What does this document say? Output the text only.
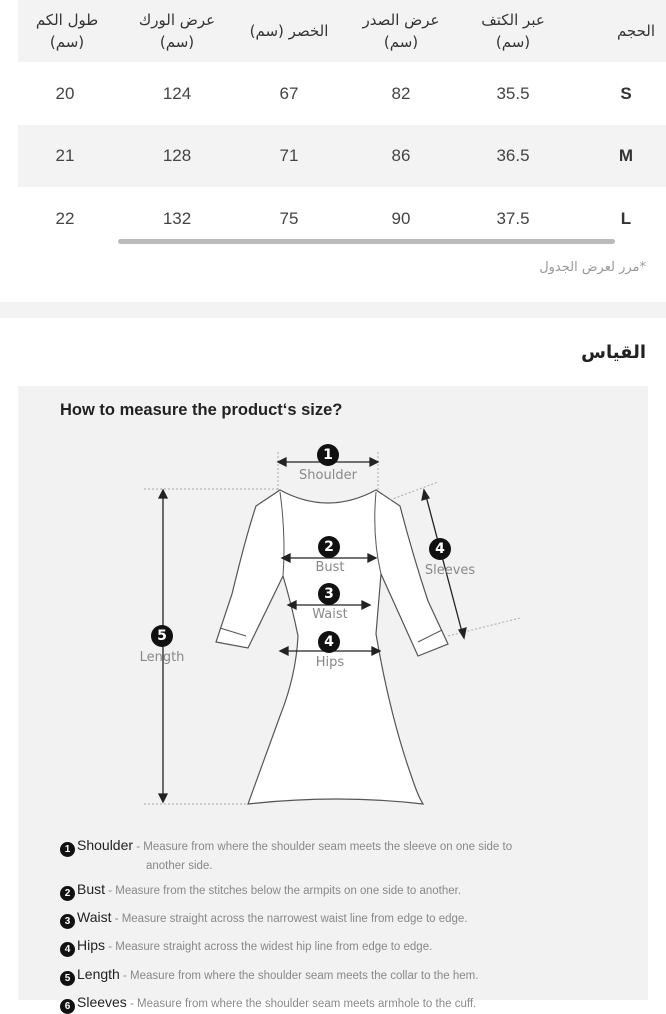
الحجم
عبر الكتف
(سم)
عرض الصدر
(سم)
الخصر (سم)
عرض الورك
(سم)
طول الكم
(سم)
S
35.5
82
67
124
20
M
36.5
86
71
128
21
L
37.5
90
75
132
22
*مرر لعرض الجدول
القياس
How to measure the product‘s size?
1
Shoulder
2
Bust
3
Waist
4
Hips
4
Sleeves
5
Length
1 Shoulder - Measure from where the shoulder seam meets the sleeve on one side to
another side.
2 Bust - Measure from the stitches below the armpits on one side to another.
3 Waist - Measure straight across the narrowest waist line from edge to edge.
4 Hips - Measure straight across the widest hip line from edge to edge.
5 Length - Measure from where the shoulder seam meets the collar to the hem.
6 Sleeves - Measure from where the shoulder seam meets armhole to the cuff.
